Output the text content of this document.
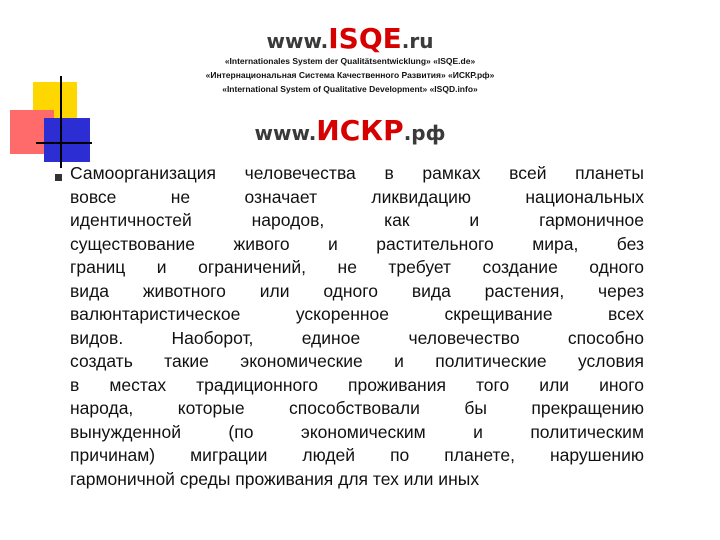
www.ISQE.ru
«Internationales System der Qualitätsentwicklung» «ISQE.de»
«Интернациональная Система Качественного Развития» «ИСКР.рф»
«International System of Qualitative Development» «ISQD.info»
www.ИСКР.рф
Самоорганизация человечества в рамках всей планеты
вовсе не означает ликвидацию национальных
идентичностей народов, как и гармоничное
существование живого и растительного мира, без
границ и ограничений, не требует создание одного
вида животного или одного вида растения, через
валюнтаристическое ускоренное скрещивание всех
видов. Наоборот, единое человечество способно
создать такие экономические и политические условия
в местах традиционного проживания того или иного
народа, которые способствовали бы прекращению
вынужденной (по экономическим и политическим
причинам) миграции людей по планете, нарушению
гармоничной среды проживания для тех или иных
